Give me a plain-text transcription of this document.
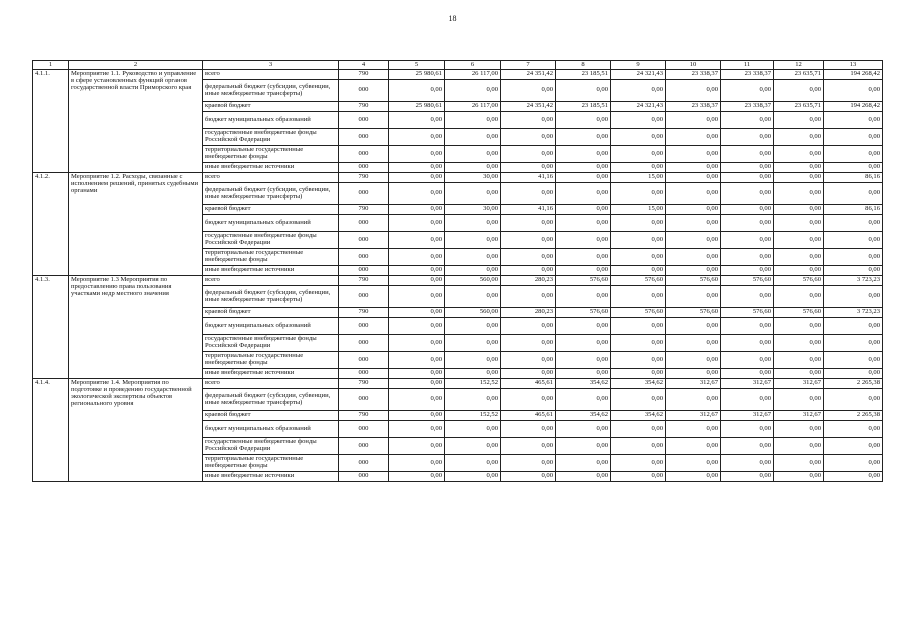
18
1	2	3	4	5	6	7	8	9	10	11	12	13
4.1.1.	Мероприятие 1.1. Руководство и управление в сфере установленных функций органов государственной власти Приморского края	всего	790	25 980,61	26 117,00	24 351,42	23 185,51	24 321,43	23 338,37	23 338,37	23 635,71	194 268,42
		федеральный бюджет (субсидии, субвенции, иные межбюджетные трансферты)	000	0,00	0,00	0,00	0,00	0,00	0,00	0,00	0,00	0,00
		краевой бюджет	790	25 980,61	26 117,00	24 351,42	23 185,51	24 321,43	23 338,37	23 338,37	23 635,71	194 268,42
		бюджет муниципальных образований	000	0,00	0,00	0,00	0,00	0,00	0,00	0,00	0,00	0,00
		государственные внебюджетные фонды Российской Федерации	000	0,00	0,00	0,00	0,00	0,00	0,00	0,00	0,00	0,00
		территориальные государственные внебюджетные фонды	000	0,00	0,00	0,00	0,00	0,00	0,00	0,00	0,00	0,00
		иные внебюджетные источники	000	0,00	0,00	0,00	0,00	0,00	0,00	0,00	0,00	0,00
4.1.2.	Мероприятие 1.2. Расходы, связанные с исполнением решений, принятых судебными органами	всего	790	0,00	30,00	41,16	0,00	15,00	0,00	0,00	0,00	86,16
		федеральный бюджет (субсидии, субвенции, иные межбюджетные трансферты)	000	0,00	0,00	0,00	0,00	0,00	0,00	0,00	0,00	0,00
		краевой бюджет	790	0,00	30,00	41,16	0,00	15,00	0,00	0,00	0,00	86,16
		бюджет муниципальных образований	000	0,00	0,00	0,00	0,00	0,00	0,00	0,00	0,00	0,00
		государственные внебюджетные фонды Российской Федерации	000	0,00	0,00	0,00	0,00	0,00	0,00	0,00	0,00	0,00
		территориальные государственные внебюджетные фонды	000	0,00	0,00	0,00	0,00	0,00	0,00	0,00	0,00	0,00
		иные внебюджетные источники	000	0,00	0,00	0,00	0,00	0,00	0,00	0,00	0,00	0,00
4.1.3.	Мероприятие 1.3 Мероприятия по предоставлению права пользования участками недр местного значения	всего	790	0,00	560,00	280,23	576,60	576,60	576,60	576,60	576,60	3 723,23
		федеральный бюджет (субсидии, субвенции, иные межбюджетные трансферты)	000	0,00	0,00	0,00	0,00	0,00	0,00	0,00	0,00	0,00
		краевой бюджет	790	0,00	560,00	280,23	576,60	576,60	576,60	576,60	576,60	3 723,23
		бюджет муниципальных образований	000	0,00	0,00	0,00	0,00	0,00	0,00	0,00	0,00	0,00
		государственные внебюджетные фонды Российской Федерации	000	0,00	0,00	0,00	0,00	0,00	0,00	0,00	0,00	0,00
		территориальные государственные внебюджетные фонды	000	0,00	0,00	0,00	0,00	0,00	0,00	0,00	0,00	0,00
		иные внебюджетные источники	000	0,00	0,00	0,00	0,00	0,00	0,00	0,00	0,00	0,00
4.1.4.	Мероприятие 1.4. Мероприятия по подготовке и проведению государственной экологической экспертизы объектов регионального уровня	всего	790	0,00	152,52	465,61	354,62	354,62	312,67	312,67	312,67	2 265,38
		федеральный бюджет (субсидии, субвенции, иные межбюджетные трансферты)	000	0,00	0,00	0,00	0,00	0,00	0,00	0,00	0,00	0,00
		краевой бюджет	790	0,00	152,52	465,61	354,62	354,62	312,67	312,67	312,67	2 265,38
		бюджет муниципальных образований	000	0,00	0,00	0,00	0,00	0,00	0,00	0,00	0,00	0,00
		государственные внебюджетные фонды Российской Федерации	000	0,00	0,00	0,00	0,00	0,00	0,00	0,00	0,00	0,00
		территориальные государственные внебюджетные фонды	000	0,00	0,00	0,00	0,00	0,00	0,00	0,00	0,00	0,00
		иные внебюджетные источники	000	0,00	0,00	0,00	0,00	0,00	0,00	0,00	0,00	0,00
